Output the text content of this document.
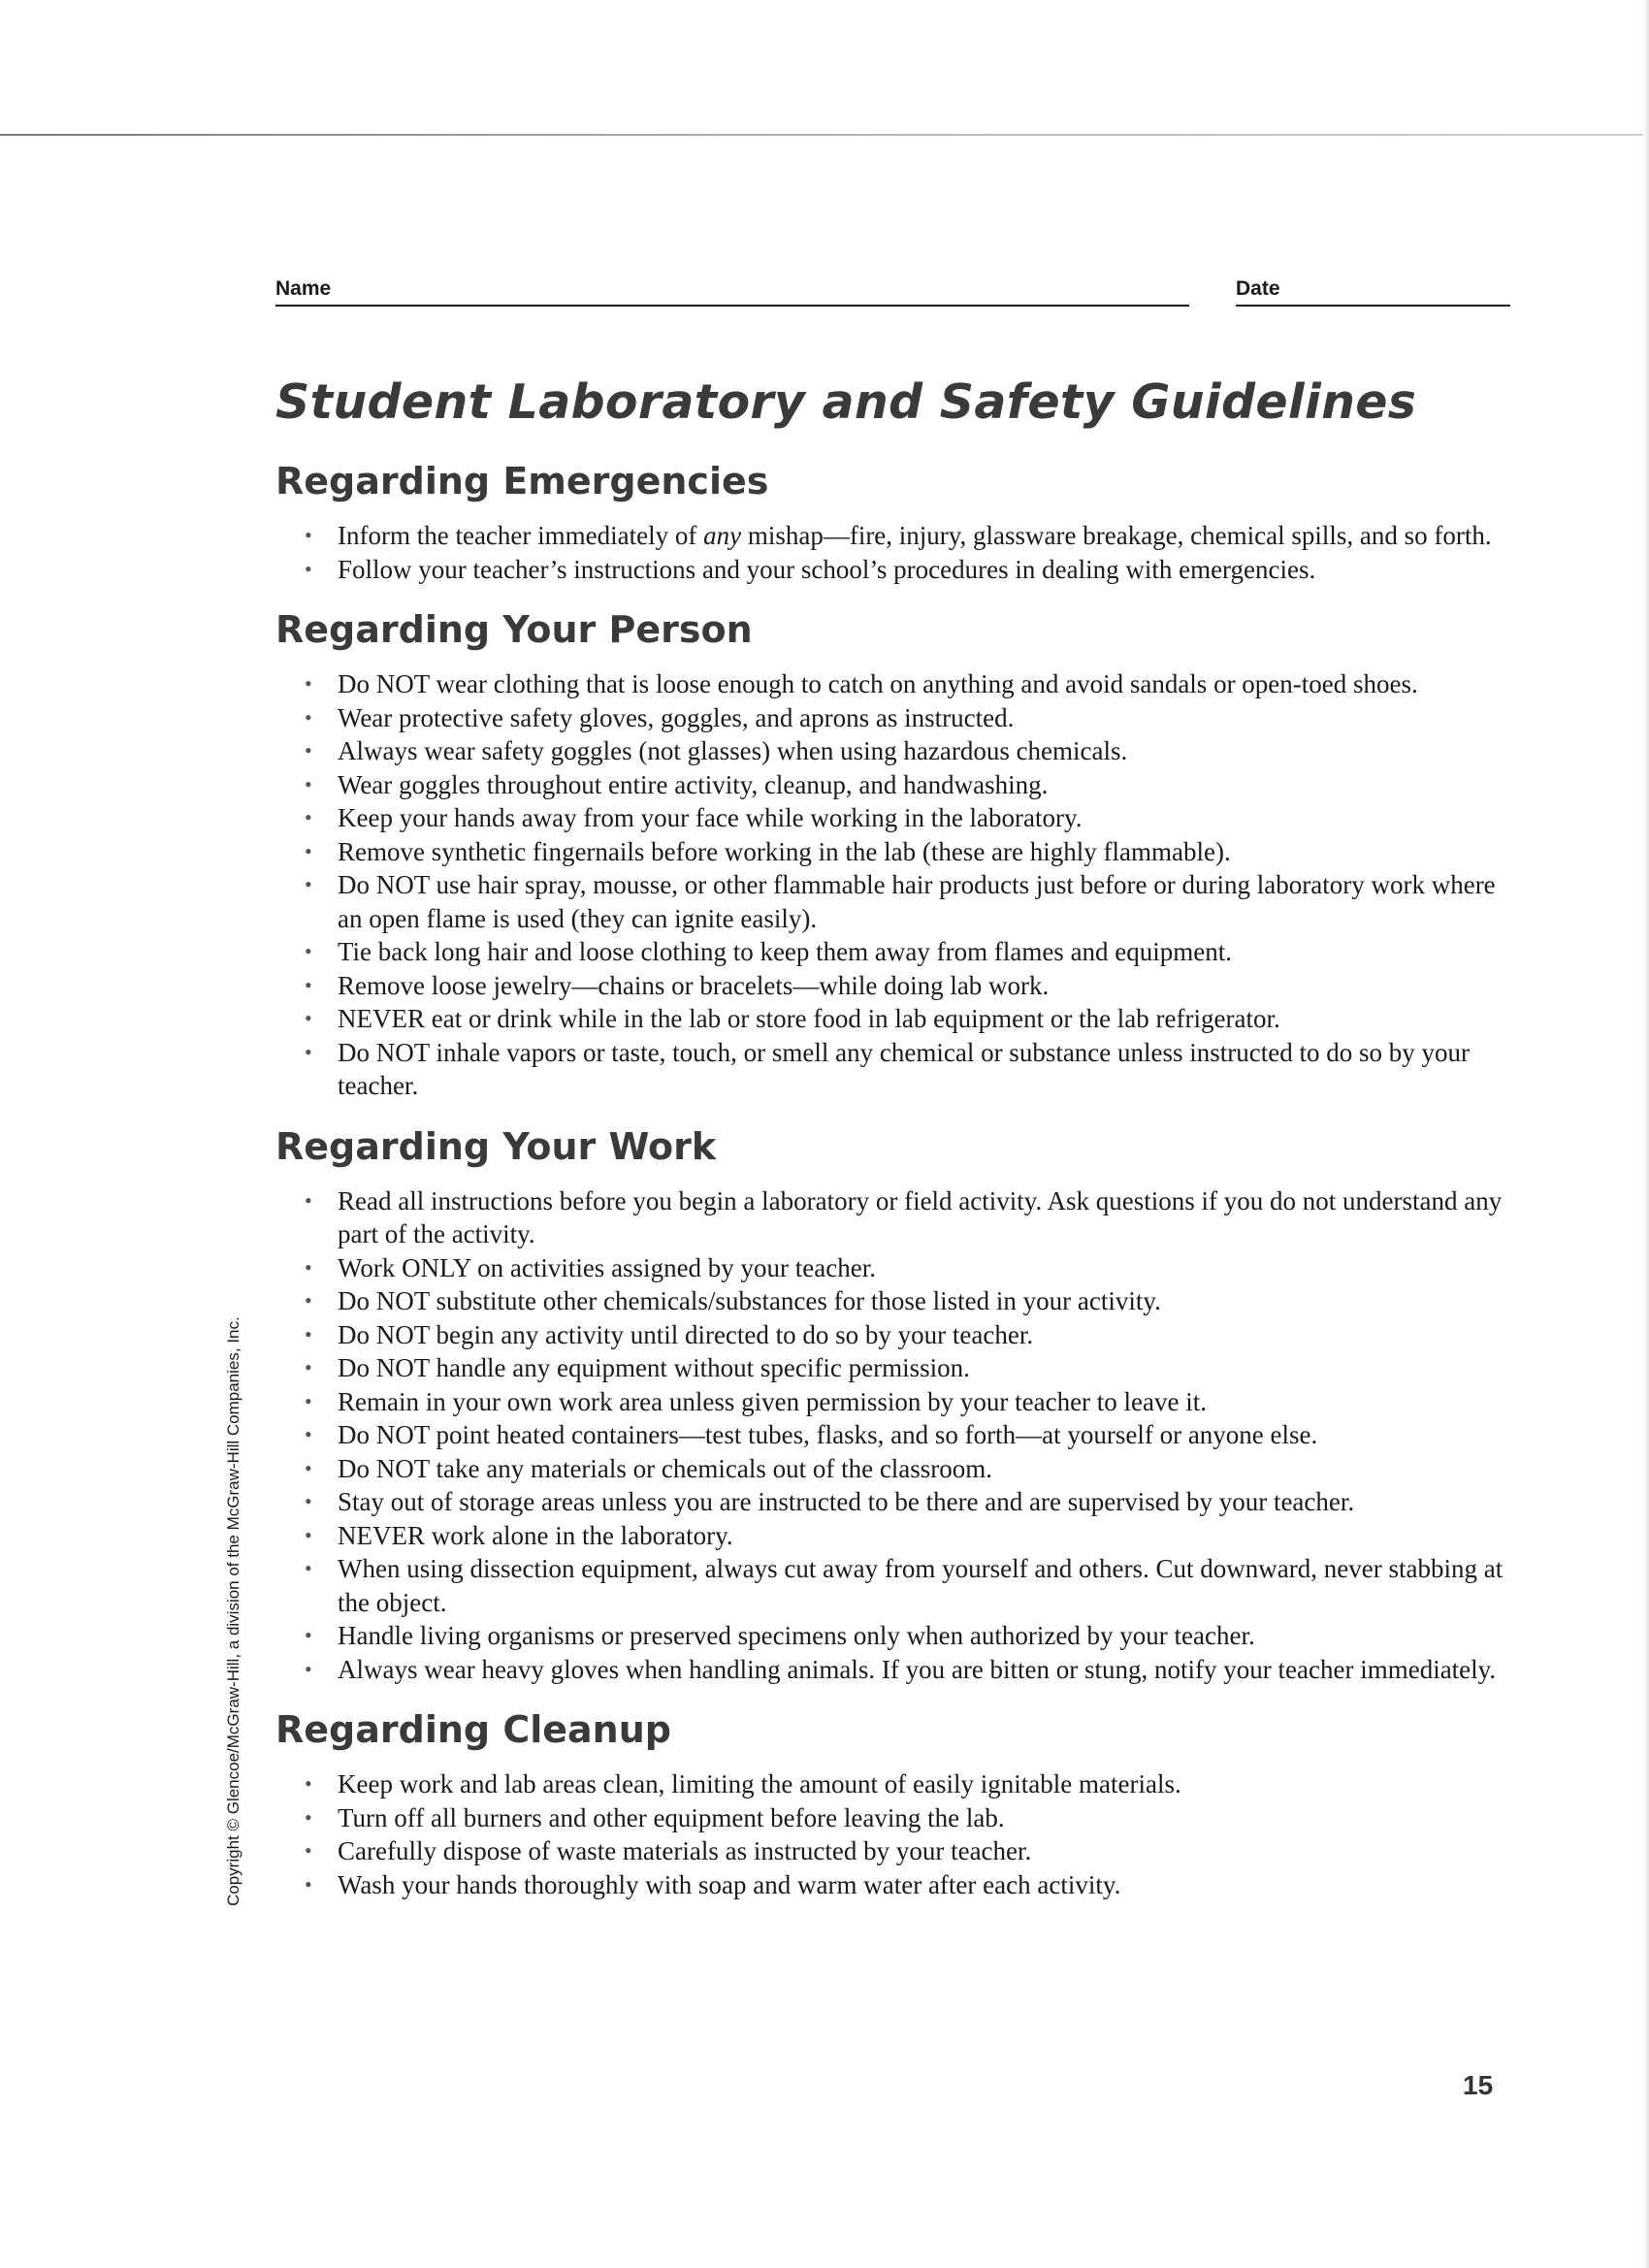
Name	Date
Student Laboratory and Safety Guidelines
Regarding Emergencies
• Inform the teacher immediately of any mishap—fire, injury, glassware breakage, chemical spills, and so forth.
• Follow your teacher’s instructions and your school’s procedures in dealing with emergencies.
Regarding Your Person
• Do NOT wear clothing that is loose enough to catch on anything and avoid sandals or open-toed shoes.
• Wear protective safety gloves, goggles, and aprons as instructed.
• Always wear safety goggles (not glasses) when using hazardous chemicals.
• Wear goggles throughout entire activity, cleanup, and handwashing.
• Keep your hands away from your face while working in the laboratory.
• Remove synthetic fingernails before working in the lab (these are highly flammable).
• Do NOT use hair spray, mousse, or other flammable hair products just before or during laboratory work where an open flame is used (they can ignite easily).
• Tie back long hair and loose clothing to keep them away from flames and equipment.
• Remove loose jewelry—chains or bracelets—while doing lab work.
• NEVER eat or drink while in the lab or store food in lab equipment or the lab refrigerator.
• Do NOT inhale vapors or taste, touch, or smell any chemical or substance unless instructed to do so by your teacher.
Regarding Your Work
• Read all instructions before you begin a laboratory or field activity. Ask questions if you do not understand any part of the activity.
• Work ONLY on activities assigned by your teacher.
• Do NOT substitute other chemicals/substances for those listed in your activity.
• Do NOT begin any activity until directed to do so by your teacher.
• Do NOT handle any equipment without specific permission.
• Remain in your own work area unless given permission by your teacher to leave it.
• Do NOT point heated containers—test tubes, flasks, and so forth—at yourself or anyone else.
• Do NOT take any materials or chemicals out of the classroom.
• Stay out of storage areas unless you are instructed to be there and are supervised by your teacher.
• NEVER work alone in the laboratory.
• When using dissection equipment, always cut away from yourself and others. Cut downward, never stabbing at the object.
• Handle living organisms or preserved specimens only when authorized by your teacher.
• Always wear heavy gloves when handling animals. If you are bitten or stung, notify your teacher immediately.
Regarding Cleanup
• Keep work and lab areas clean, limiting the amount of easily ignitable materials.
• Turn off all burners and other equipment before leaving the lab.
• Carefully dispose of waste materials as instructed by your teacher.
• Wash your hands thoroughly with soap and warm water after each activity.
Copyright © Glencoe/McGraw-Hill, a division of the McGraw-Hill Companies, Inc.
15
